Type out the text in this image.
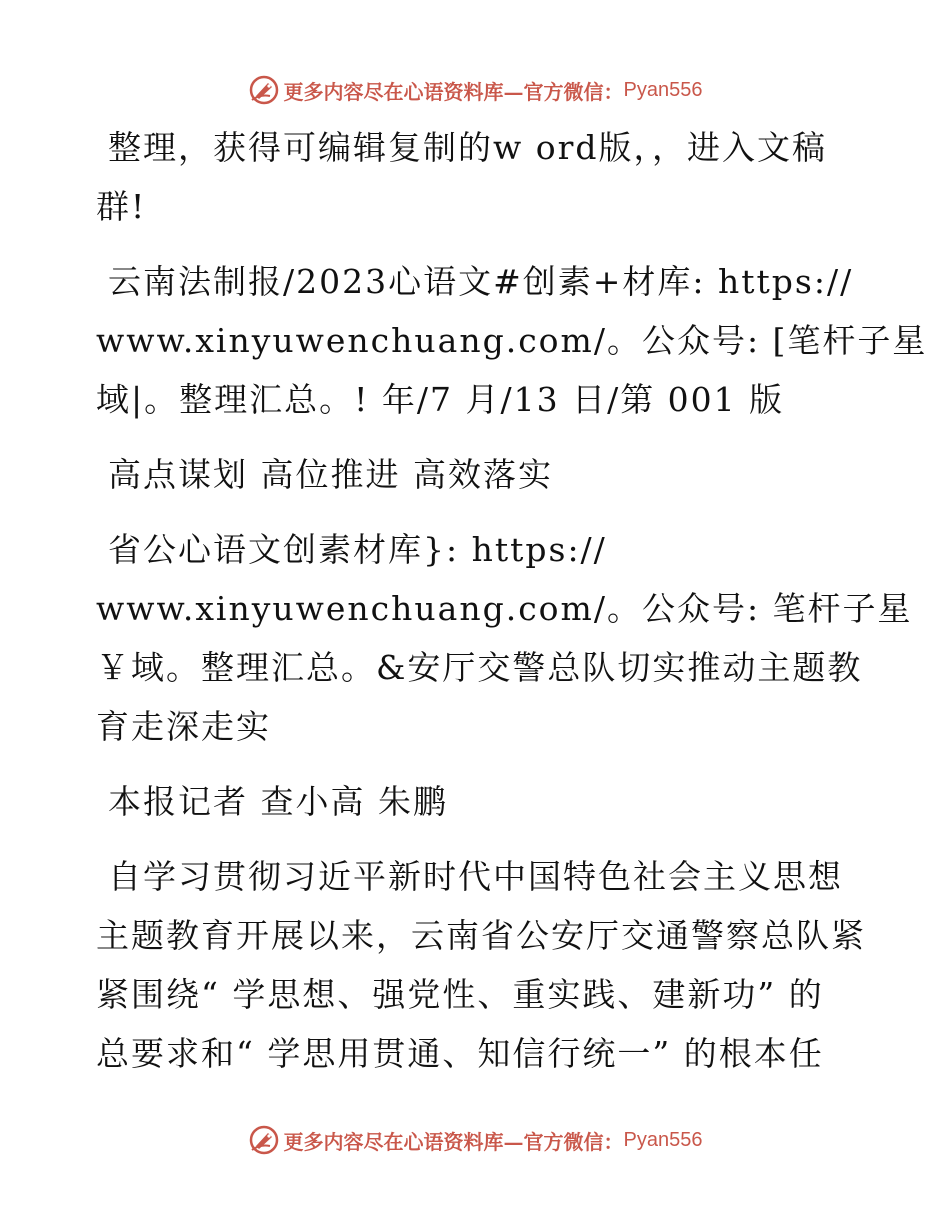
更多内容尽在心语资料库—官方微信： Pyan556

整理，获得可编辑复制的w ord版，，进入文稿
群!

云南法制报/2023心语文#创素+材库: https://
www.xinyuwenchuang.com/。公众号: [笔杆子星
域|。整理汇总。! 年/7 月/13 日/第 001 版

高点谋划 高位推进 高效落实

省公心语文创素材库}: https://
www.xinyuwenchuang.com/。公众号: 笔杆子星
￥域。整理汇总。&安厅交警总队切实推动主题教
育走深走实

本报记者 查小高 朱鹏

自学习贯彻习近平新时代中国特色社会主义思想
主题教育开展以来，云南省公安厅交通警察总队紧
紧围绕“ 学思想、强党性、重实践、建新功” 的
总要求和“ 学思用贯通、知信行统一” 的根本任

更多内容尽在心语资料库—官方微信： Pyan556
